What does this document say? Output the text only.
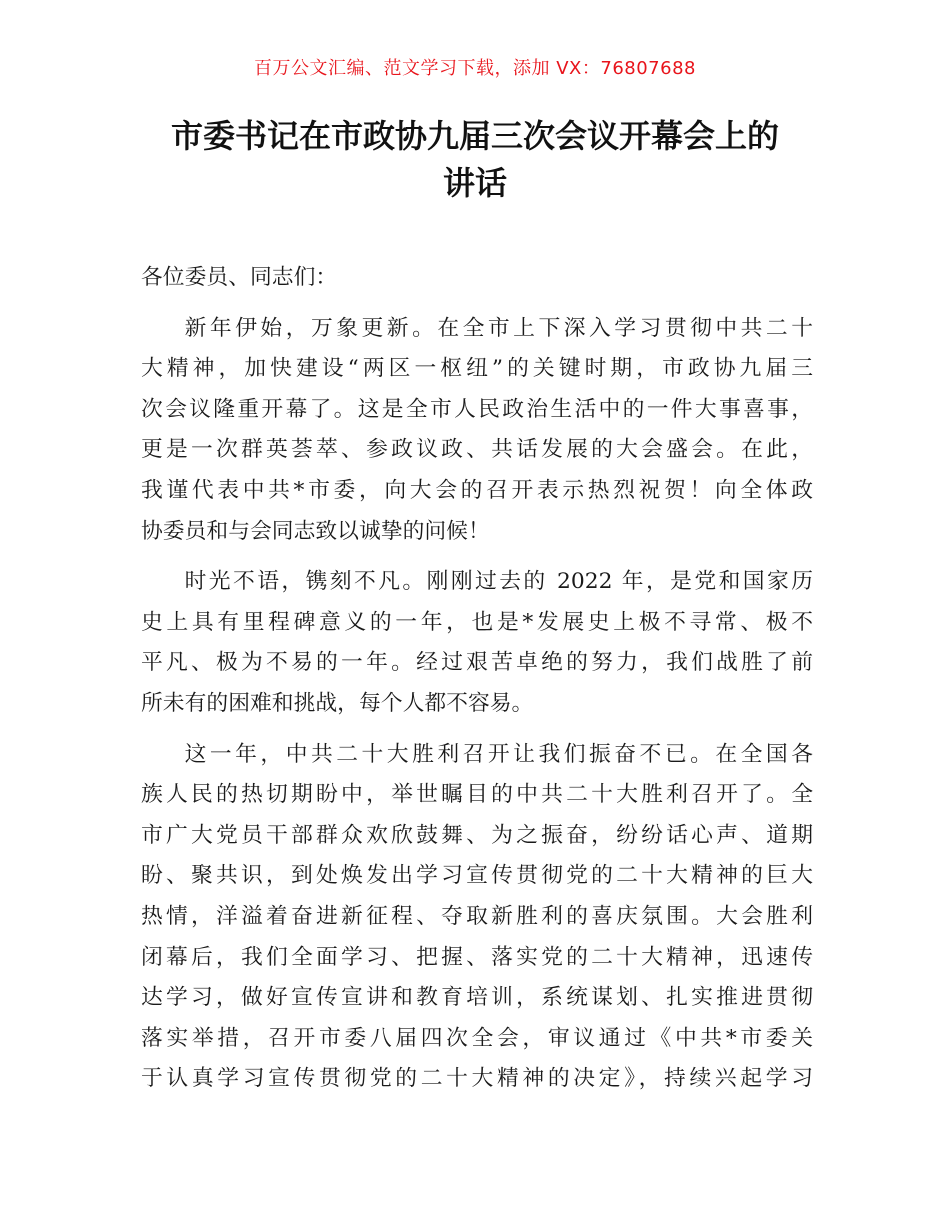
百万公文汇编、范文学习下载，添加 VX：76807688
市委书记在市政协九届三次会议开幕会上的
讲话
各位委员、同志们：
新年伊始，万象更新。在全市上下深入学习贯彻中共二十
大精神，加快建设“两区一枢纽”的关键时期，市政协九届三
次会议隆重开幕了。这是全市人民政治生活中的一件大事喜事，
更是一次群英荟萃、参政议政、共话发展的大会盛会。在此，
我谨代表中共*市委，向大会的召开表示热烈祝贺！向全体政
协委员和与会同志致以诚挚的问候！
时光不语，镌刻不凡。刚刚过去的 2022 年，是党和国家历
史上具有里程碑意义的一年，也是*发展史上极不寻常、极不
平凡、极为不易的一年。经过艰苦卓绝的努力，我们战胜了前
所未有的困难和挑战，每个人都不容易。
这一年，中共二十大胜利召开让我们振奋不已。在全国各
族人民的热切期盼中，举世瞩目的中共二十大胜利召开了。全
市广大党员干部群众欢欣鼓舞、为之振奋，纷纷话心声、道期
盼、聚共识，到处焕发出学习宣传贯彻党的二十大精神的巨大
热情，洋溢着奋进新征程、夺取新胜利的喜庆氛围。大会胜利
闭幕后，我们全面学习、把握、落实党的二十大精神，迅速传
达学习，做好宣传宣讲和教育培训，系统谋划、扎实推进贯彻
落实举措，召开市委八届四次全会，审议通过《中共*市委关
于认真学习宣传贯彻党的二十大精神的决定》，持续兴起学习
